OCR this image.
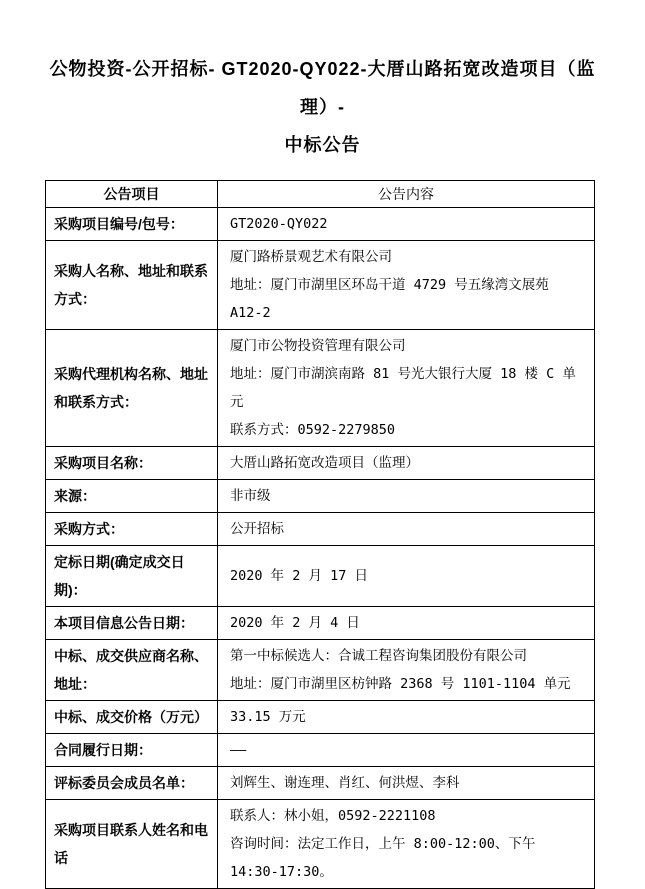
公物投资-公开招标- GT2020-QY022-大厝山路拓宽改造项目（监理）-
中标公告
公告项目	公告内容
采购项目编号/包号：	GT2020-QY022

采购人名称、地址和联系方式：	厦门路桥景观艺术有限公司
地址：厦门市湖里区环岛干道 4729 号五缘湾文展苑 A12-2

采购代理机构名称、地址和联系方式：	厦门市公物投资管理有限公司
地址：厦门市湖滨南路 81 号光大银行大厦 18 楼 C 单元
联系方式：0592-2279850

采购项目名称：	大厝山路拓宽改造项目（监理）

来源：	非市级

采购方式：	公开招标

定标日期(确定成交日期)：	2020 年 2 月 17 日

本项目信息公告日期：	2020 年 2 月 4 日

中标、成交供应商名称、地址：	第一中标候选人：合诚工程咨询集团股份有限公司
地址：厦门市湖里区枋钟路 2368 号 1101-1104 单元

中标、成交价格（万元）	33.15 万元

合同履行日期：	——

评标委员会成员名单：	刘辉生、谢连理、肖红、何洪煜、李科

采购项目联系人姓名和电话	联系人：林小姐，0592-2221108
咨询时间：法定工作日，上午 8:00-12:00、下午 14:30-17:30。
